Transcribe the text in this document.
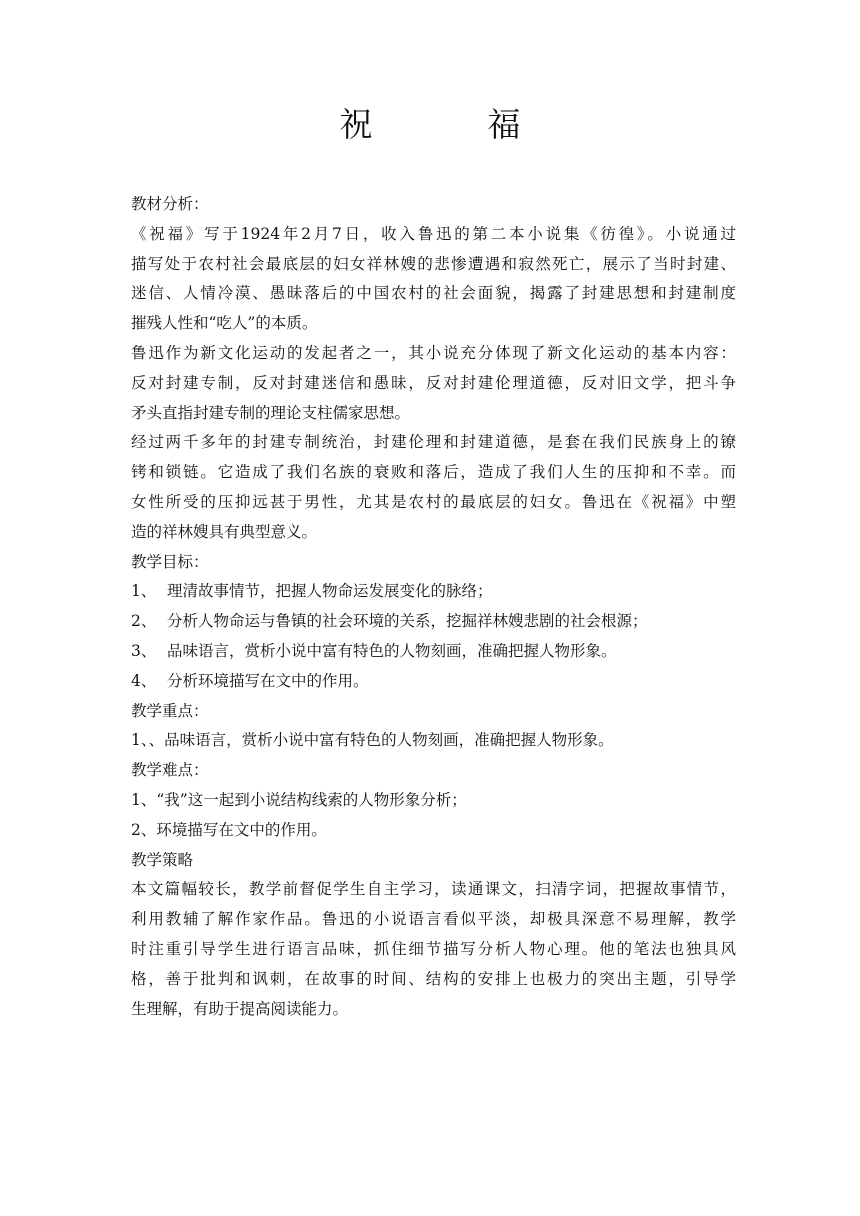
祝	福
教材分析：
《祝福》写于1924年2月7日，收入鲁迅的第二本小说集《彷徨》。小说通过
描写处于农村社会最底层的妇女祥林嫂的悲惨遭遇和寂然死亡，展示了当时封建、
迷信、人情冷漠、愚昧落后的中国农村的社会面貌，揭露了封建思想和封建制度
摧残人性和“吃人”的本质。
鲁迅作为新文化运动的发起者之一，其小说充分体现了新文化运动的基本内容：
反对封建专制，反对封建迷信和愚昧，反对封建伦理道德，反对旧文学，把斗争
矛头直指封建专制的理论支柱儒家思想。
经过两千多年的封建专制统治，封建伦理和封建道德，是套在我们民族身上的镣
铐和锁链。它造成了我们名族的衰败和落后，造成了我们人生的压抑和不幸。而
女性所受的压抑远甚于男性，尤其是农村的最底层的妇女。鲁迅在《祝福》中塑
造的祥林嫂具有典型意义。
教学目标：
1、 理清故事情节，把握人物命运发展变化的脉络；
2、 分析人物命运与鲁镇的社会环境的关系，挖掘祥林嫂悲剧的社会根源；
3、 品味语言，赏析小说中富有特色的人物刻画，准确把握人物形象。
4、 分析环境描写在文中的作用。
教学重点：
1、、品味语言，赏析小说中富有特色的人物刻画，准确把握人物形象。
教学难点：
1、“我”这一起到小说结构线索的人物形象分析；
2、环境描写在文中的作用。
教学策略
本文篇幅较长，教学前督促学生自主学习，读通课文，扫清字词，把握故事情节，
利用教辅了解作家作品。鲁迅的小说语言看似平淡，却极具深意不易理解，教学
时注重引导学生进行语言品味，抓住细节描写分析人物心理。他的笔法也独具风
格，善于批判和讽刺，在故事的时间、结构的安排上也极力的突出主题，引导学
生理解，有助于提高阅读能力。
